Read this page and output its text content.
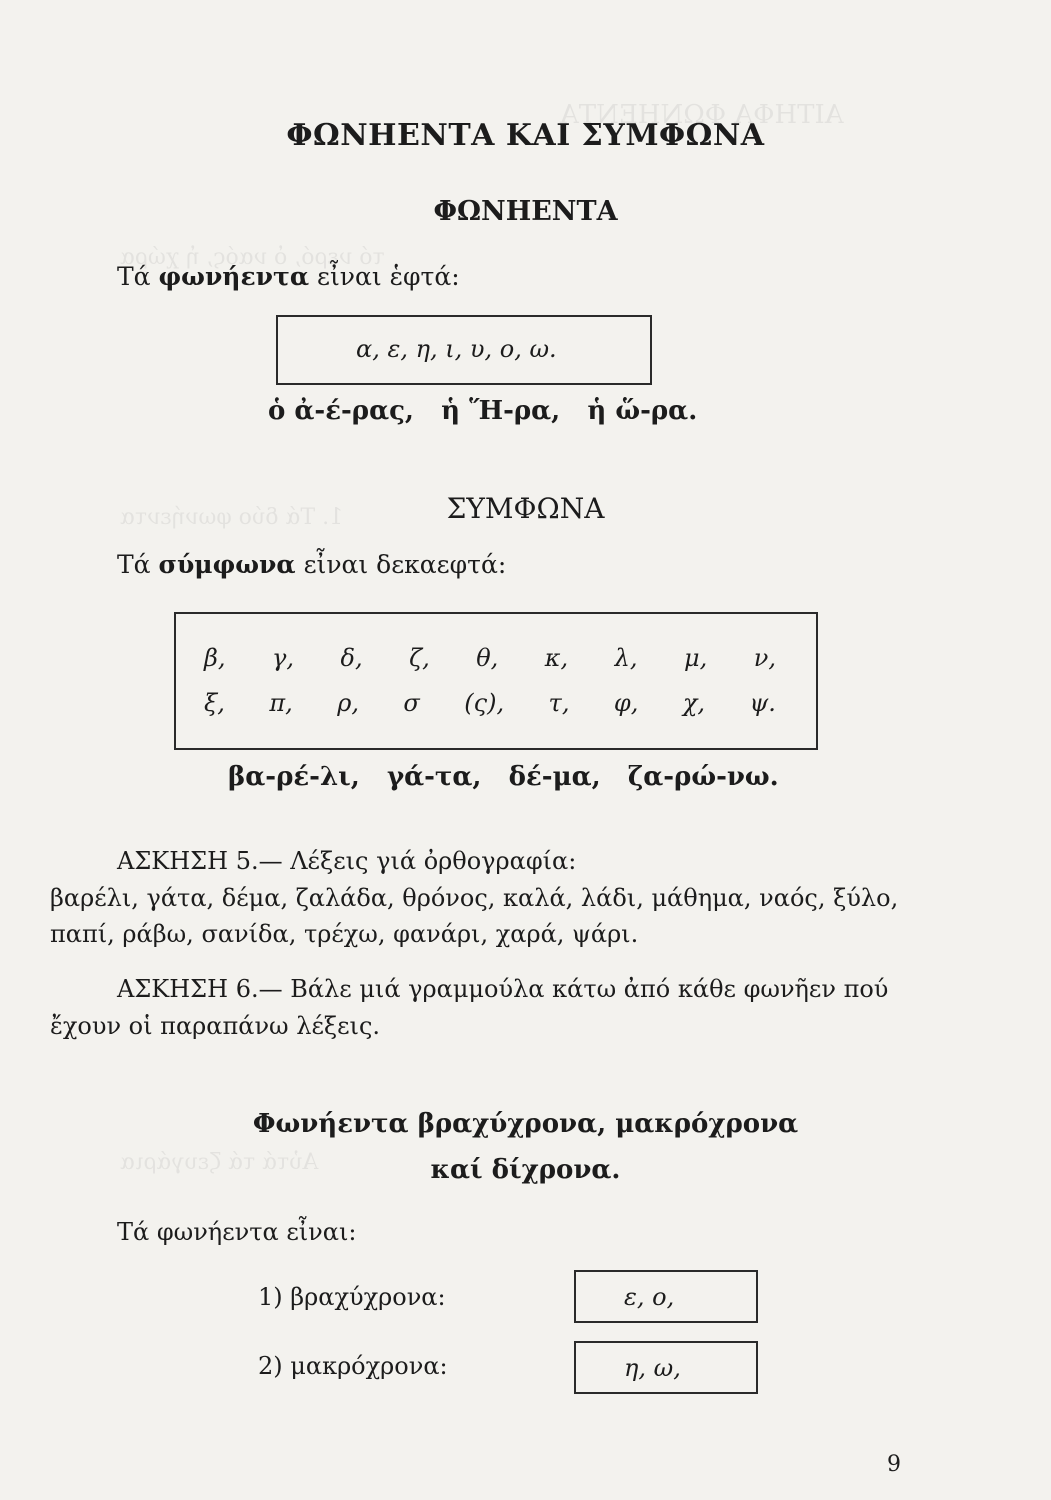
ΑΙΤΗΦΑ ΦΩΝΗΕΝΤΑ
τό νερό, ὁ ναός, ἡ χώρα
1. Τά δύο φωνήεντα
Αὐτά τά ζευγάρια
ΦΩΝΗΕΝΤΑ ΚΑΙ ΣΥΜΦΩΝΑ
ΦΩΝΗΕΝΤΑ
Τά φωνήεντα εἶναι ἑφτά:
α, ε, η, ι, υ, ο, ω.
ὁ ἀ-έ-ρας,   ἡ Ἥ-ρα,   ἡ ὥ-ρα.
ΣΥΜΦΩΝΑ
Τά σύμφωνα εἶναι δεκαεφτά:
β, γ, δ, ζ, θ, κ, λ, μ, ν,
ξ, π, ρ, σ (ς), τ, φ, χ, ψ.
βα-ρέ-λι,   γά-τα,   δέ-μα,   ζα-ρώ-νω.
ΑΣΚΗΣΗ 5.— Λέξεις γιά ὀρθογραφία:
βαρέλι, γάτα, δέμα, ζαλάδα, θρόνος, καλά, λάδι, μάθημα, ναός, ξύλο,
παπί, ράβω, σανίδα, τρέχω, φανάρι, χαρά, ψάρι.
ΑΣΚΗΣΗ 6.— Βάλε μιά γραμμούλα κάτω ἀπό κάθε φωνῆεν πού
ἔχουν οἱ παραπάνω λέξεις.
Φωνήεντα βραχύχρονα, μακρόχρονα
καί δίχρονα.
Τά φωνήεντα εἶναι:
1) βραχύχρονα:	ε, ο,
2) μακρόχρονα:	η, ω,
9
